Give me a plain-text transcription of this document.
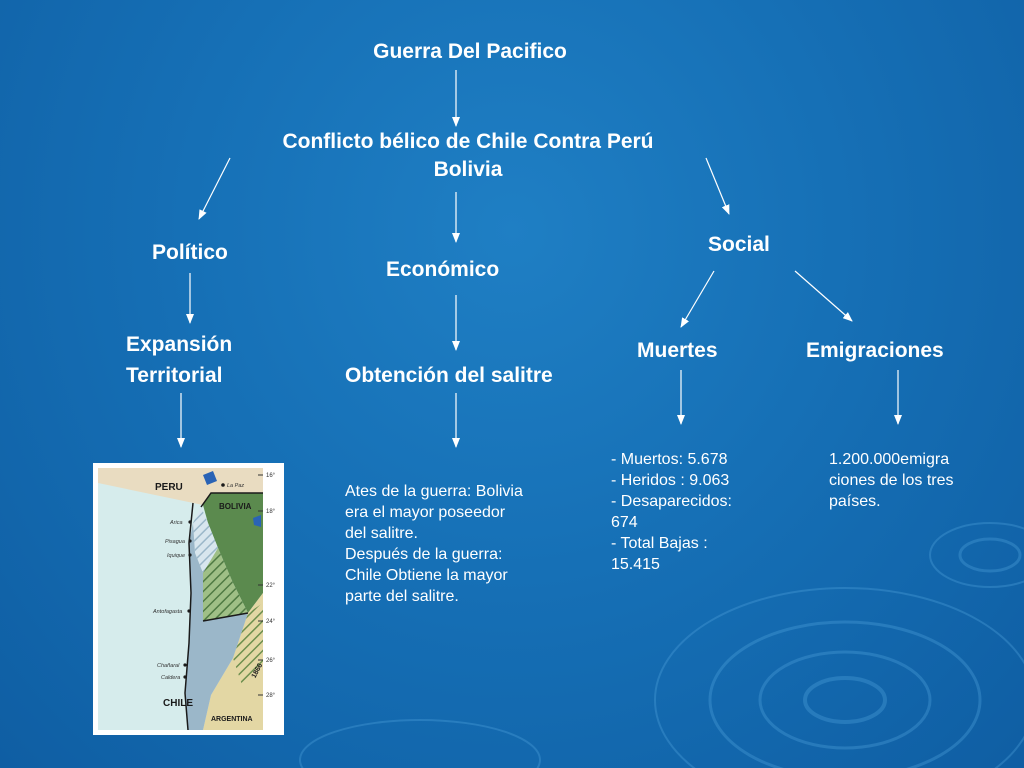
Guerra Del Pacifico
Conflicto bélico de Chile Contra Perú
Bolivia
Político
Económico
Social
Expansión
Territorial	Obtención del salitre
Muertes	Emigraciones
Ates de la guerra: Bolivia
era el mayor poseedor
del salitre.
Después de la guerra:
Chile Obtiene la mayor
parte del salitre.
- Muertos: 5.678
- Heridos : 9.063
- Desaparecidos:
674
- Total Bajas :
15.415
1.200.000emigra
ciones de los tres
países.
16°
18°
22°
24°
26°
28°
PERU
BOLIVIA
CHILE
ARGENTINA
La Paz
Arica
Pisagua
Iquique
Antofagasta
Chañaral
Caldera	1866
